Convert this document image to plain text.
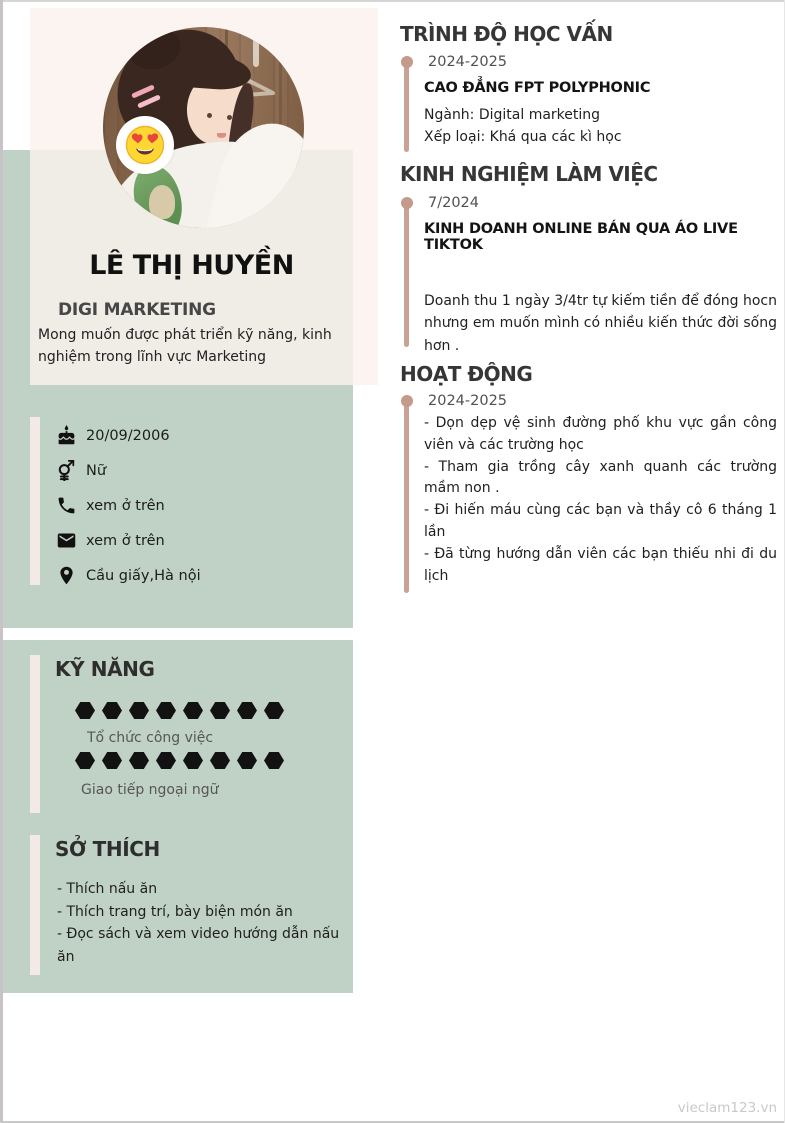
LÊ THỊ HUYỀN
DIGI MARKETING
Mong muốn được phát triển kỹ năng, kinh nghiệm trong lĩnh vực Marketing
20/09/2006
Nữ
xem ở trên
xem ở trên
Cầu giấy,Hà nội
KỸ NĂNG
Tổ chức công việc
Giao tiếp ngoại ngữ
SỞ THÍCH
- Thích nấu ăn
- Thích trang trí, bày biện món ăn
- Đọc sách và xem video hướng dẫn nấu ăn
TRÌNH ĐỘ HỌC VẤN
2024-2025
CAO ĐẲNG FPT POLYPHONIC
Ngành: Digital marketing
Xếp loại: Khá qua các kì học
KINH NGHIỆM LÀM VIỆC
7/2024
KINH DOANH ONLINE BÁN QUA ÁO LIVE TIKTOK
Doanh thu 1 ngày 3/4tr tự kiếm tiền để đóng hocn nhưng em muốn mình có nhiều kiến thức đời sống hơn .
HOẠT ĐỘNG
2024-2025
- Dọn dẹp vệ sinh đường phố khu vực gần công viên và các trường học
- Tham gia trồng cây xanh quanh các trường mầm non .
- Đi hiến máu cùng các bạn và thầy cô 6 tháng 1 lần
- Đã từng hướng dẫn viên các bạn thiếu nhi đi du lịch
vieclam123.vn
